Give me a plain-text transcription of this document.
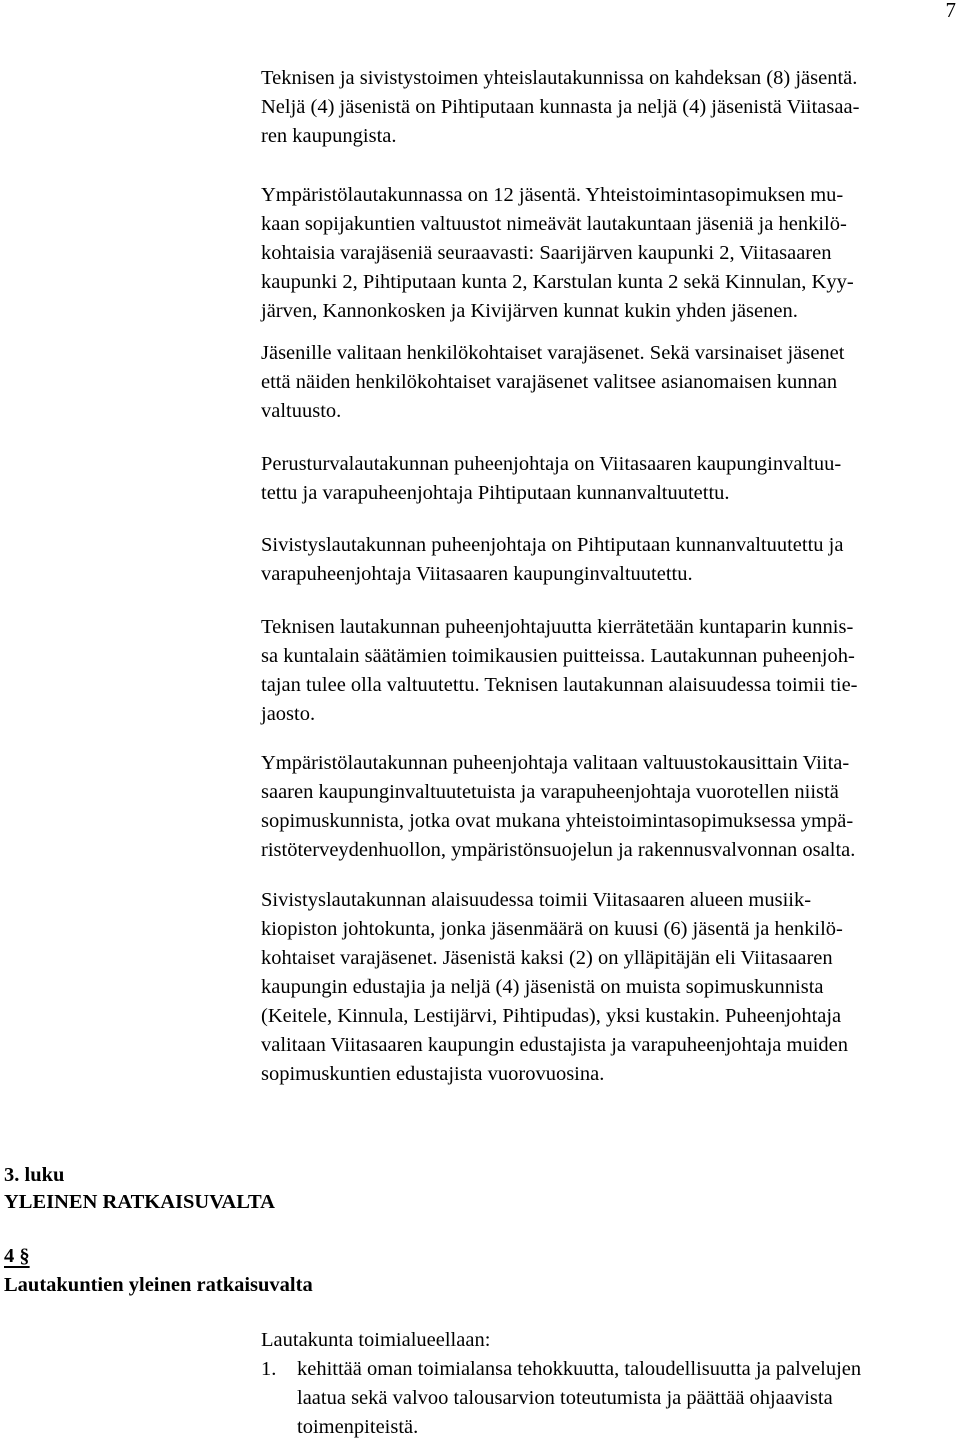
7

Teknisen ja sivistystoimen yhteislautakunnissa on kahdeksan (8) jäsentä.
Neljä (4) jäsenistä on Pihtiputaan kunnasta ja neljä (4) jäsenistä Viitasaa-
ren kaupungista.

Ympäristölautakunnassa on 12 jäsentä. Yhteistoimintasopimuksen mu-
kaan sopijakuntien valtuustot nimeävät lautakuntaan jäseniä ja henkilö-
kohtaisia varajäseniä seuraavasti: Saarijärven kaupunki 2, Viitasaaren
kaupunki 2, Pihtiputaan kunta 2, Karstulan kunta 2 sekä Kinnulan, Kyy-
järven, Kannonkosken ja Kivijärven kunnat kukin yhden jäsenen.

Jäsenille valitaan henkilökohtaiset varajäsenet. Sekä varsinaiset jäsenet
että näiden henkilökohtaiset varajäsenet valitsee asianomaisen kunnan
valtuusto.

Perusturvalautakunnan puheenjohtaja on Viitasaaren kaupunginvaltuu-
tettu ja varapuheenjohtaja Pihtiputaan kunnanvaltuutettu.

Sivistyslautakunnan puheenjohtaja on Pihtiputaan kunnanvaltuutettu ja
varapuheenjohtaja Viitasaaren kaupunginvaltuutettu.

Teknisen lautakunnan puheenjohtajuutta kierrätetään kuntaparin kunnis-
sa kuntalain säätämien toimikausien puitteissa. Lautakunnan puheenjoh-
tajan tulee olla valtuutettu. Teknisen lautakunnan alaisuudessa toimii tie-
jaosto.

Ympäristölautakunnan puheenjohtaja valitaan valtuustokausittain Viita-
saaren kaupunginvaltuutetuista ja varapuheenjohtaja vuorotellen niistä
sopimuskunnista, jotka ovat mukana yhteistoimintasopimuksessa ympä-
ristöterveydenhuollon, ympäristönsuojelun ja rakennusvalvonnan osalta.

Sivistyslautakunnan alaisuudessa toimii Viitasaaren alueen musiik-
kiopiston johtokunta, jonka jäsenmäärä on kuusi (6) jäsentä ja henkilö-
kohtaiset varajäsenet. Jäsenistä kaksi (2) on ylläpitäjän eli Viitasaaren
kaupungin edustajia ja neljä (4) jäsenistä on muista sopimuskunnista
(Keitele, Kinnula, Lestijärvi, Pihtipudas), yksi kustakin. Puheenjohtaja
valitaan Viitasaaren kaupungin edustajista ja varapuheenjohtaja muiden
sopimuskuntien edustajista vuorovuosina.

3. luku
YLEINEN RATKAISUVALTA
4 §
Lautakuntien yleinen ratkaisuvalta

Lautakunta toimialueellaan:

1. kehittää oman toimialansa tehokkuutta, taloudellisuutta ja palvelujen
laatua sekä valvoo talousarvion toteutumista ja päättää ohjaavista
toimenpiteistä.
